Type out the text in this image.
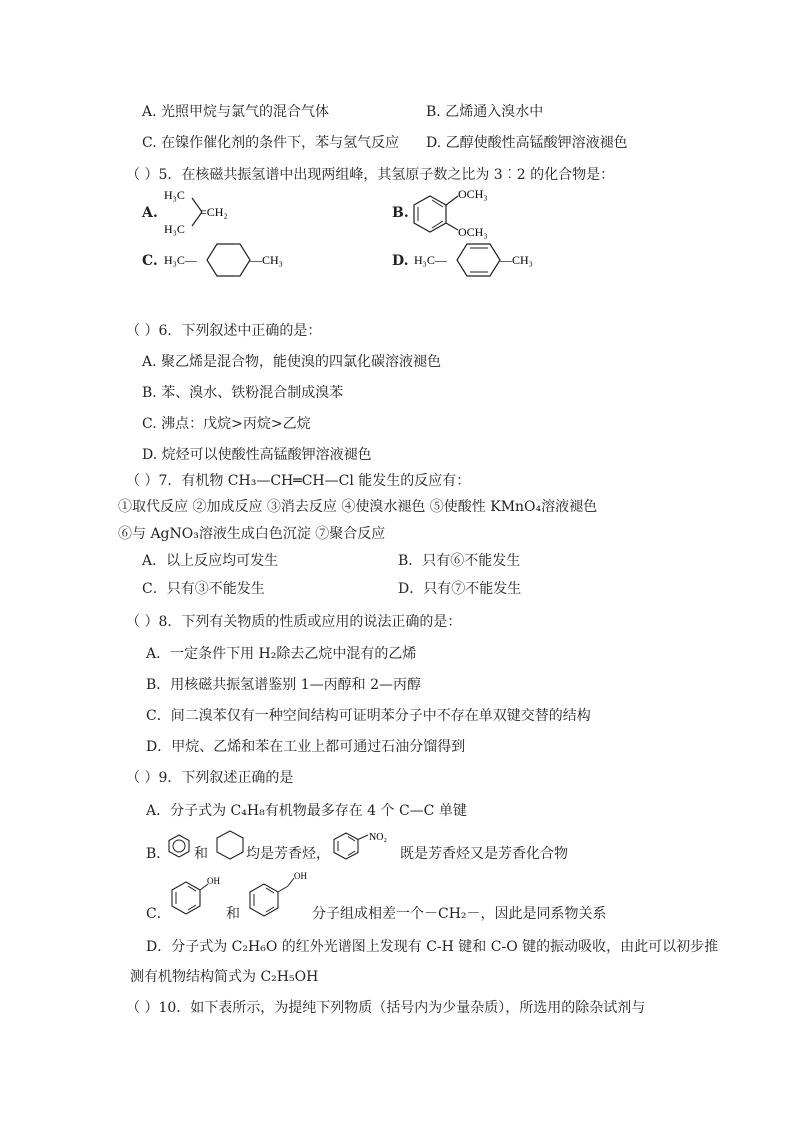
A. 光照甲烷与氯气的混合气体	B. 乙烯通入溴水中
C. 在镍作催化剂的条件下，苯与氢气反应 D. 乙醇使酸性高锰酸钾溶液褪色
（ ）5．在核磁共振氢谱中出现两组峰，其氢原子数之比为 3︰2 的化合物是：
A.
H₃C
H₃C
=CH₂	B.
OCH₃
OCH₃
C. H₃C—	—CH₃	D. H₃C—	—CH₃
（ ）6．下列叙述中正确的是：
A. 聚乙烯是混合物，能使溴的四氯化碳溶液褪色
B. 苯、溴水、铁粉混合制成溴苯
C. 沸点：戊烷>丙烷>乙烷
D. 烷烃可以使酸性高锰酸钾溶液褪色
（ ）7．有机物 CH₃—CH═CH—Cl 能发生的反应有：
①取代反应 ②加成反应 ③消去反应 ④使溴水褪色 ⑤使酸性 KMnO₄溶液褪色
⑥与 AgNO₃溶液生成白色沉淀 ⑦聚合反应
A．以上反应均可发生	B．只有⑥不能发生
C．只有③不能发生	D．只有⑦不能发生
（ ）8．下列有关物质的性质或应用的说法正确的是：
A．一定条件下用 H₂除去乙烷中混有的乙烯
B．用核磁共振氢谱鉴别 1—丙醇和 2—丙醇
C．间二溴苯仅有一种空间结构可证明苯分子中不存在单双键交替的结构
D．甲烷、乙烯和苯在工业上都可通过石油分馏得到
（ ）9．下列叙述正确的是
A．分子式为 C₄H₈有机物最多存在 4 个 C—C 单键
B． 和	均是芳香烃，
NO₂
既是芳香烃又是芳香化合物
C．
OH
和
OH
分子组成相差一个－CH₂－，因此是同系物关系
D．分子式为 C₂H₆O 的红外光谱图上发现有 C-H 键和 C-O 键的振动吸收，由此可以初步推
测有机物结构简式为 C₂H₅OH
（ ）10．如下表所示，为提纯下列物质（括号内为少量杂质），所选用的除杂试剂与
